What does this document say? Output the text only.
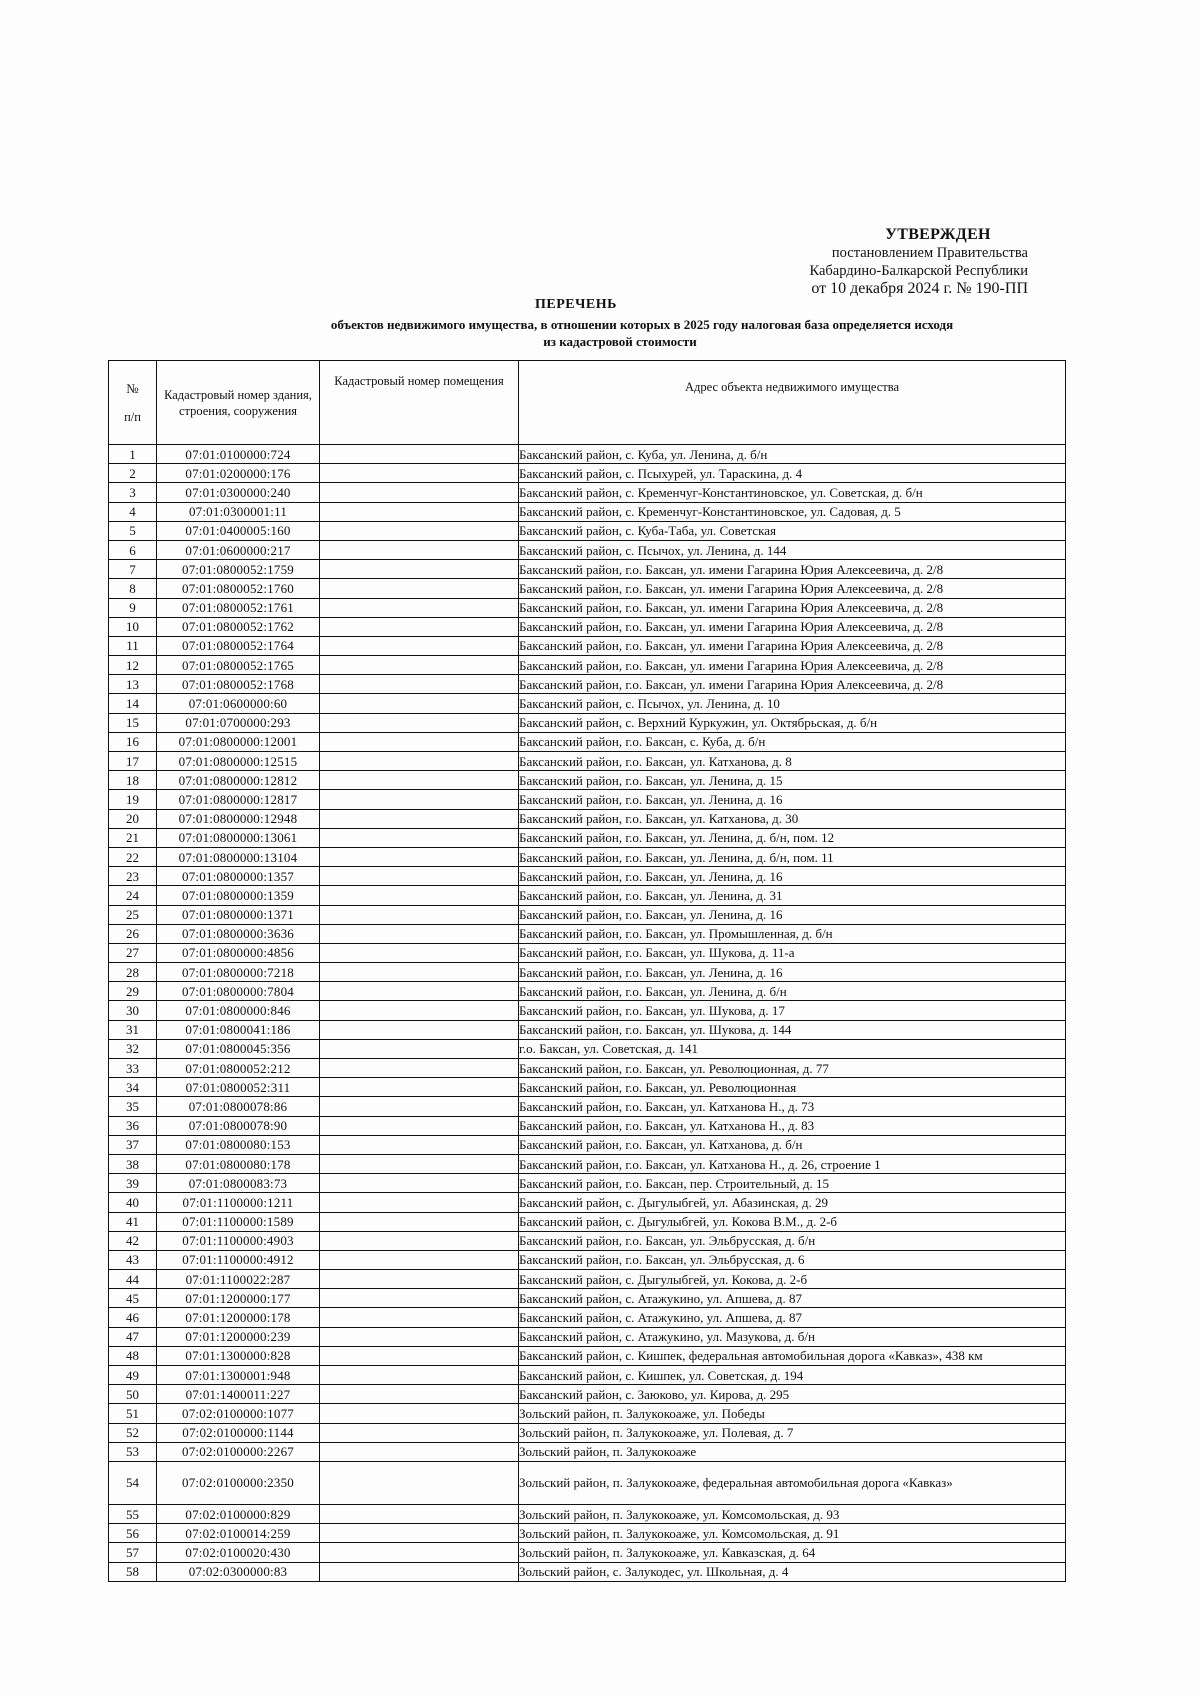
УТВЕРЖДЕН
постановлением Правительства
Кабардино-Балкарской Республики
от 10 декабря 2024 г. № 190-ПП
ПЕРЕЧЕНЬ
объектов недвижимого имущества, в отношении которых в 2025 году налоговая база определяется исходя
из кадастровой стоимости
№
п/п	Кадастровый номер здания, строения, сооружения	Кадастровый номер помещения	Адрес объекта недвижимого имущества
1	07:01:0100000:724		Баксанский район, с. Куба, ул. Ленина, д. б/н
2	07:01:0200000:176		Баксанский район, с. Псыхурей, ул. Тараскина, д. 4
3	07:01:0300000:240		Баксанский район, с. Кременчуг-Константиновское, ул. Советская, д. б/н
4	07:01:0300001:11		Баксанский район, с. Кременчуг-Константиновское, ул. Садовая, д. 5
5	07:01:0400005:160		Баксанский район, с. Куба-Таба, ул. Советская
6	07:01:0600000:217		Баксанский район, с. Псычох, ул. Ленина, д. 144
7	07:01:0800052:1759		Баксанский район, г.о. Баксан, ул. имени Гагарина Юрия Алексеевича, д. 2/8
8	07:01:0800052:1760		Баксанский район, г.о. Баксан, ул. имени Гагарина Юрия Алексеевича, д. 2/8
9	07:01:0800052:1761		Баксанский район, г.о. Баксан, ул. имени Гагарина Юрия Алексеевича, д. 2/8
10	07:01:0800052:1762		Баксанский район, г.о. Баксан, ул. имени Гагарина Юрия Алексеевича, д. 2/8
11	07:01:0800052:1764		Баксанский район, г.о. Баксан, ул. имени Гагарина Юрия Алексеевича, д. 2/8
12	07:01:0800052:1765		Баксанский район, г.о. Баксан, ул. имени Гагарина Юрия Алексеевича, д. 2/8
13	07:01:0800052:1768		Баксанский район, г.о. Баксан, ул. имени Гагарина Юрия Алексеевича, д. 2/8
14	07:01:0600000:60		Баксанский район, с. Псычох, ул. Ленина, д. 10
15	07:01:0700000:293		Баксанский район, с. Верхний Куркужин, ул. Октябрьская, д. б/н
16	07:01:0800000:12001		Баксанский район, г.о. Баксан, с. Куба, д. б/н
17	07:01:0800000:12515		Баксанский район, г.о. Баксан, ул. Катханова, д. 8
18	07:01:0800000:12812		Баксанский район, г.о. Баксан, ул. Ленина, д. 15
19	07:01:0800000:12817		Баксанский район, г.о. Баксан, ул. Ленина, д. 16
20	07:01:0800000:12948		Баксанский район, г.о. Баксан, ул. Катханова, д. 30
21	07:01:0800000:13061		Баксанский район, г.о. Баксан, ул. Ленина, д. б/н, пом. 12
22	07:01:0800000:13104		Баксанский район, г.о. Баксан, ул. Ленина, д. б/н, пом. 11
23	07:01:0800000:1357		Баксанский район, г.о. Баксан, ул. Ленина, д. 16
24	07:01:0800000:1359		Баксанский район, г.о. Баксан, ул. Ленина, д. 31
25	07:01:0800000:1371		Баксанский район, г.о. Баксан, ул. Ленина, д. 16
26	07:01:0800000:3636		Баксанский район, г.о. Баксан, ул. Промышленная, д. б/н
27	07:01:0800000:4856		Баксанский район, г.о. Баксан, ул. Шукова, д. 11-а
28	07:01:0800000:7218		Баксанский район, г.о. Баксан, ул. Ленина, д. 16
29	07:01:0800000:7804		Баксанский район, г.о. Баксан, ул. Ленина, д. б/н
30	07:01:0800000:846		Баксанский район, г.о. Баксан, ул. Шукова, д. 17
31	07:01:0800041:186		Баксанский район, г.о. Баксан, ул. Шукова, д. 144
32	07:01:0800045:356		г.о. Баксан, ул. Советская, д. 141
33	07:01:0800052:212		Баксанский район, г.о. Баксан, ул. Революционная, д. 77
34	07:01:0800052:311		Баксанский район, г.о. Баксан, ул. Революционная
35	07:01:0800078:86		Баксанский район, г.о. Баксан, ул. Катханова Н., д. 73
36	07:01:0800078:90		Баксанский район, г.о. Баксан, ул. Катханова Н., д. 83
37	07:01:0800080:153		Баксанский район, г.о. Баксан, ул. Катханова, д. б/н
38	07:01:0800080:178		Баксанский район, г.о. Баксан, ул. Катханова Н., д. 26, строение 1
39	07:01:0800083:73		Баксанский район, г.о. Баксан, пер. Строительный, д. 15
40	07:01:1100000:1211		Баксанский район, с. Дыгулыбгей, ул. Абазинская, д. 29
41	07:01:1100000:1589		Баксанский район, с. Дыгулыбгей, ул. Кокова В.М., д. 2-б
42	07:01:1100000:4903		Баксанский район, г.о. Баксан, ул. Эльбрусская, д. б/н
43	07:01:1100000:4912		Баксанский район, г.о. Баксан, ул. Эльбрусская, д. 6
44	07:01:1100022:287		Баксанский район, с. Дыгулыбгей, ул. Кокова, д. 2-б
45	07:01:1200000:177		Баксанский район, с. Атажукино, ул. Апшева, д. 87
46	07:01:1200000:178		Баксанский район, с. Атажукино, ул. Апшева, д. 87
47	07:01:1200000:239		Баксанский район, с. Атажукино, ул. Мазукова, д. б/н
48	07:01:1300000:828		Баксанский район, с. Кишпек, федеральная автомобильная дорога «Кавказ», 438 км
49	07:01:1300001:948		Баксанский район, с. Кишпек, ул. Советская, д. 194
50	07:01:1400011:227		Баксанский район, с. Заюково, ул. Кирова, д. 295
51	07:02:0100000:1077		Зольский район, п. Залукокоаже, ул. Победы
52	07:02:0100000:1144		Зольский район, п. Залукокоаже, ул. Полевая, д. 7
53	07:02:0100000:2267		Зольский район, п. Залукокоаже
54	07:02:0100000:2350		Зольский район, п. Залукокоаже, федеральная автомобильная дорога «Кавказ»
55	07:02:0100000:829		Зольский район, п. Залукокоаже, ул. Комсомольская, д. 93
56	07:02:0100014:259		Зольский район, п. Залукокоаже, ул. Комсомольская, д. 91
57	07:02:0100020:430		Зольский район, п. Залукокоаже, ул. Кавказская, д. 64
58	07:02:0300000:83		Зольский район, с. Залукодес, ул. Школьная, д. 4
